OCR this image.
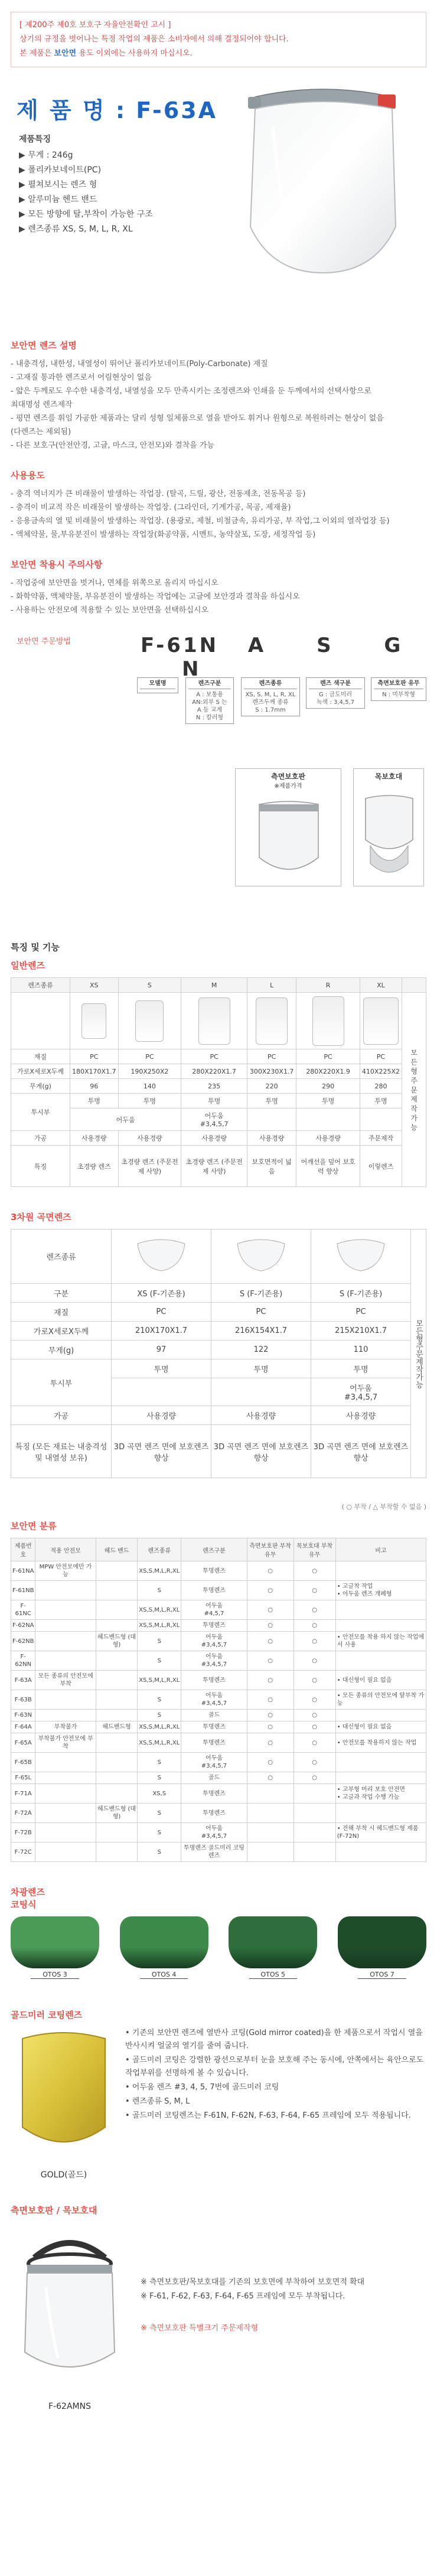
[ 제200주 제0호 보호구 자율안전확인 고시 ]
상기의 규정을 벗어나는 특정 작업의 제품은 소비자에서 의해 결정되어야 합니다.
본 제품은 보안면 용도 이외에는 사용하지 마십시오.
제 품 명 : F-63A
제품특징
▶ 무게 : 246g
▶ 폴리카보네이트(PC)
▶ 펼쳐보시는 렌즈 형
▶ 알루미늄 헨드 밴드
▶ 모든 방향에 탈,부착이 가능한 구조
▶ 렌즈종류 XS, S, M, L, R, XL
보안면 렌즈 설명
- 내충격성, 내한성, 내열성이 뛰어난 폴리카보네이트(Poly-Carbonate) 재질
- 고재질 통과한 렌즈로서 어림현상이 없음
- 얇은 두께로도 우수한 내충격성, 내열성을 모두 만족시키는 조정렌즈와 인쇄을 둔 두께에서의 선택사항으로
최대명성 렌즈제작
- 평면 렌즈를 휘임 가공한 제품과는 달리 성형 일체품으로 열을 받아도 휘거나 원형으로 복원하려는 현상이 없음
(다렌즈는 제외됨)
- 다른 보호구(안전안경, 고글, 마스크, 안전모)와 결착을 가능
사용용도
- 충격 역너지가 큰 비래물이 발생하는 작업장. (탈곡, 드릴, 광산, 전동제초, 전동목공 등)
- 충격이 비교적 작은 비래물이 발생하는 작업장. (그라인더, 기계가공, 목공, 제재율)
- 응용금속의 열 및 비래물이 발생하는 작업장. (용광로, 제철, 비철금속, 유리가공, 부 작업,그 이외의 열작업장 등)
- 액체약물, 물,부유분진이 발생하는 작업장(화공약품, 시멘트, 농약살포, 도장, 세정작업 등)
보안면 착용시 주의사항
- 작업중에 보안면을 벗거나, 면체를 위쪽으로 올리지 마십시오
- 화학약품, 액체약물, 부유분진이 발생하는 작업에는 고글에 보안경과 결착을 하십시오
- 사용하는 안전모에 적용할 수 있는 보안면을 선택하십시오
보안면 주문방법	F-61N A	S	G N
모델명	렌즈구분
A : 보통용
AN:외부 S 는
A 등 교계
N : 칼러형
렌즈종류
XS, S, M, L, R, XL
렌즈두께 종류
S : 1.7mm
렌즈 색구분
G : 금도미러
녹색 : 3,4,5,7
측면보호판 유무
N : 미부착형
측면보호판
※제품가격
목보호대
특징 및 기능
일반렌즈
렌즈종류	XS	S	M	L	R	XL	

	모 든 형 주 문 제 작 가 능
재질	PC	PC	PC	PC	PC	PC	
가로X세로X두께	180X170X1.7	190X250X2	280X220X1.7	300X230X1.7	280X220X1.9	410X225X2	
무게(g)	96	140	235	220	290	280	
투시부	투명	투명	투명	투명	투명	투명	
	어두움		어두움
#3,4,5,7				
가공	사용경량	사용경량	사용경량	사용경량	사용경량	주문제작	
특징	초경량 렌즈	초경량 렌즈 (주문전제 사양)	초경량 렌즈 (주문전제 사양)	보호면적이 넓음	어깨선을 덮어 보호력 향상	이렇렌즈	
3차원 곡면렌즈
렌즈종류				모든형주문제작가능
구분	XS (F-기존용)	S (F-기존용)	S (F-기존용)	
재질	PC	PC	PC	
가로X세로X두께	210X170X1.7	216X154X1.7	215X210X1.7	
무게(g)	97	122	110	
투시부	투명	투명	투명	
			어두움
#3,4,5,7	
가공	사용경량	사용경량	사용경량	
특징 (모든 재료는 내충격성 및 내열성 보유)	3D 곡면 렌즈 면에 보호렌즈 향상	3D 곡면 렌즈 면에 보호렌즈 향상	3D 곡면 렌즈 면에 보호렌즈 향상	
( ○ 부착 / △ 부착할 수 없음 )
보안면 분류
제품번호	적용 안전모	헤드 밴드	렌즈종류	렌즈구분	측면보호판 부착유무	목보호대 부착유무	비고
F-61NA	MPW 안전모에만 가능		XS,S,M,L,R,XL	투명렌즈	○	○	
F-61NB			S	투명렌즈	○	○	• 고글착 작업
• 어두움 렌즈 개폐형
F-61NC			XS,S,M,L,R,XL	어두움
#4,5,7	○	○	
F-62NA			XS,S,M,L,R,XL	투명렌즈	○	○	
F-62NB		헤드밴드형 (대형)	S	어두움
#3,4,5,7	○	○	• 안전모를 착용 하지 않는 작업에서 사용
F-62NN			S	어두움
#3,4,5,7	○	○	
F-63A	모든 종류의 안전모에 부착		XS,S,M,L,R,XL	투명렌즈	○	○	• 대신형이 필요 없음
F-63B			S	어두움
#3,4,5,7	○	○	• 모든 종류의 안전모에 탈부착 가능
F-63N			S	골드	○	○	
F-64A	부착불가	헤드밴드형	XS,S,M,L,R,XL	투명렌즈	○	○	• 대신형이 필요 없음
F-65A	부착불가 안전모에 부착		XS,S,M,L,R,XL	투명렌즈	○	○	• 안전모를 착용하지 않는 작업
F-65B			S	어두움
#3,4,5,7	○	○	
F-65L			S	골드	○	○	
F-71A			XS,S	투명렌즈			• 고부형 머리 보호 안전면
• 고글과 작업 수행 가능
F-72A		헤드밴드형 (대형)	S	투명렌즈			
F-72B			S	어두움
#3,4,5,7			• 전해 부착 시 헤드밴드형 제품(F-72N)
F-72C			S	투명렌즈 골드미러 코팅렌즈			
차광렌즈
코팅식
OTOS 3	OTOS 4	OTOS 5	OTOS 7
골드미러 코팅렌즈
GOLD(골드)
• 기존의 보안면 렌즈에 열반사 코팅(Gold mirror coated)을 한 제품으로서 작업시 열을 반사시켜 얼굴의 열기를 줄여 줍니다.
• 골드미러 코팅은 강렬한 광선으로부터 눈을 보호해 주는 동시에, 안쪽에서는 육안으로도 작업부위를 선명하게 볼 수 있습니다.
• 어두움 렌즈 #3, 4, 5, 7번에 골드미러 코팅
• 렌즈종류 S, M, L
• 골드미러 코팅렌즈는 F-61N, F-62N, F-63, F-64, F-65 프레임에 모두 적용됩니다.
측면보호판 / 목보호대
F-62AMNS
※ 측면보호판/목보호대를 기존의 보호면에 부착하여 보호면적 확대
※ F-61, F-62, F-63, F-64, F-65 프레임에 모두 부착됩니다.
※ 측면보호판 특별크기 주문제작형
